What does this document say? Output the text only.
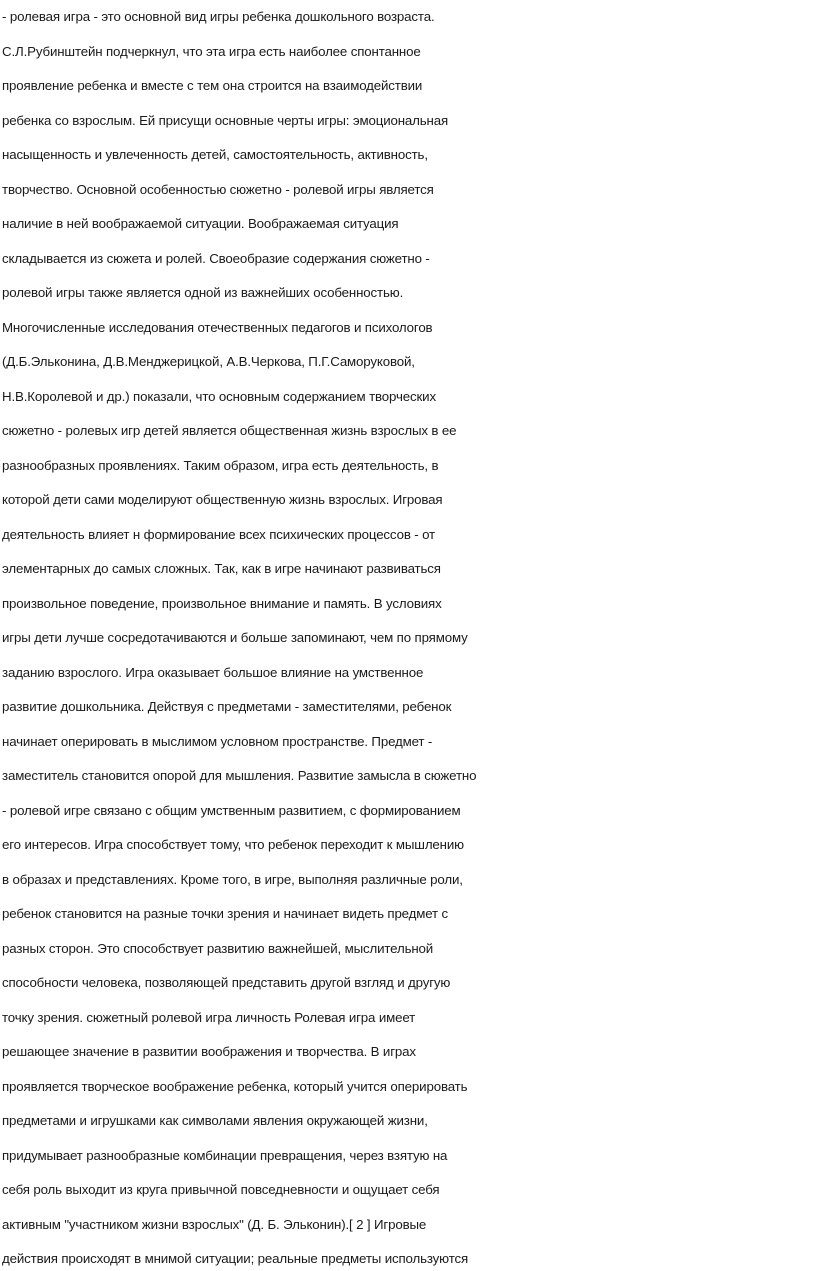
- ролевая игра - это основной вид игры ребенка дошкольного возраста.
С.Л.Рубинштейн подчеркнул, что эта игра есть наиболее спонтанное
проявление ребенка и вместе с тем она строится на взаимодействии
ребенка со взрослым. Ей присущи основные черты игры: эмоциональная
насыщенность и увлеченность детей, самостоятельность, активность,
творчество. Основной особенностью сюжетно - ролевой игры является
наличие в ней воображаемой ситуации. Воображаемая ситуация
складывается из сюжета и ролей. Своеобразие содержания сюжетно -
ролевой игры также является одной из важнейших особенностью.
Многочисленные исследования отечественных педагогов и психологов
(Д.Б.Эльконина, Д.В.Менджерицкой, А.В.Черкова, П.Г.Саморуковой,
Н.В.Королевой и др.) показали, что основным содержанием творческих
сюжетно - ролевых игр детей является общественная жизнь взрослых в ее
разнообразных проявлениях. Таким образом, игра есть деятельность, в
которой дети сами моделируют общественную жизнь взрослых. Игровая
деятельность влияет н формирование всех психических процессов - от
элементарных до самых сложных. Так, как в игре начинают развиваться
произвольное поведение, произвольное внимание и память. В условиях
игры дети лучше сосредотачиваются и больше запоминают, чем по прямому
заданию взрослого. Игра оказывает большое влияние на умственное
развитие дошкольника. Действуя с предметами - заместителями, ребенок
начинает оперировать в мыслимом условном пространстве. Предмет -
заместитель становится опорой для мышления. Развитие замысла в сюжетно
- ролевой игре связано с общим умственным развитием, с формированием
его интересов. Игра способствует тому, что ребенок переходит к мышлению
в образах и представлениях. Кроме того, в игре, выполняя различные роли,
ребенок становится на разные точки зрения и начинает видеть предмет с
разных сторон. Это способствует развитию важнейшей, мыслительной
способности человека, позволяющей представить другой взгляд и другую
точку зрения. сюжетный ролевой игра личность Ролевая игра имеет
решающее значение в развитии воображения и творчества. В играх
проявляется творческое воображение ребенка, который учится оперировать
предметами и игрушками как символами явления окружающей жизни,
придумывает разнообразные комбинации превращения, через взятую на
себя роль выходит из круга привычной повседневности и ощущает себя
активным "участником жизни взрослых" (Д. Б. Эльконин).[ 2 ] Игровые
действия происходят в мнимой ситуации; реальные предметы используются
